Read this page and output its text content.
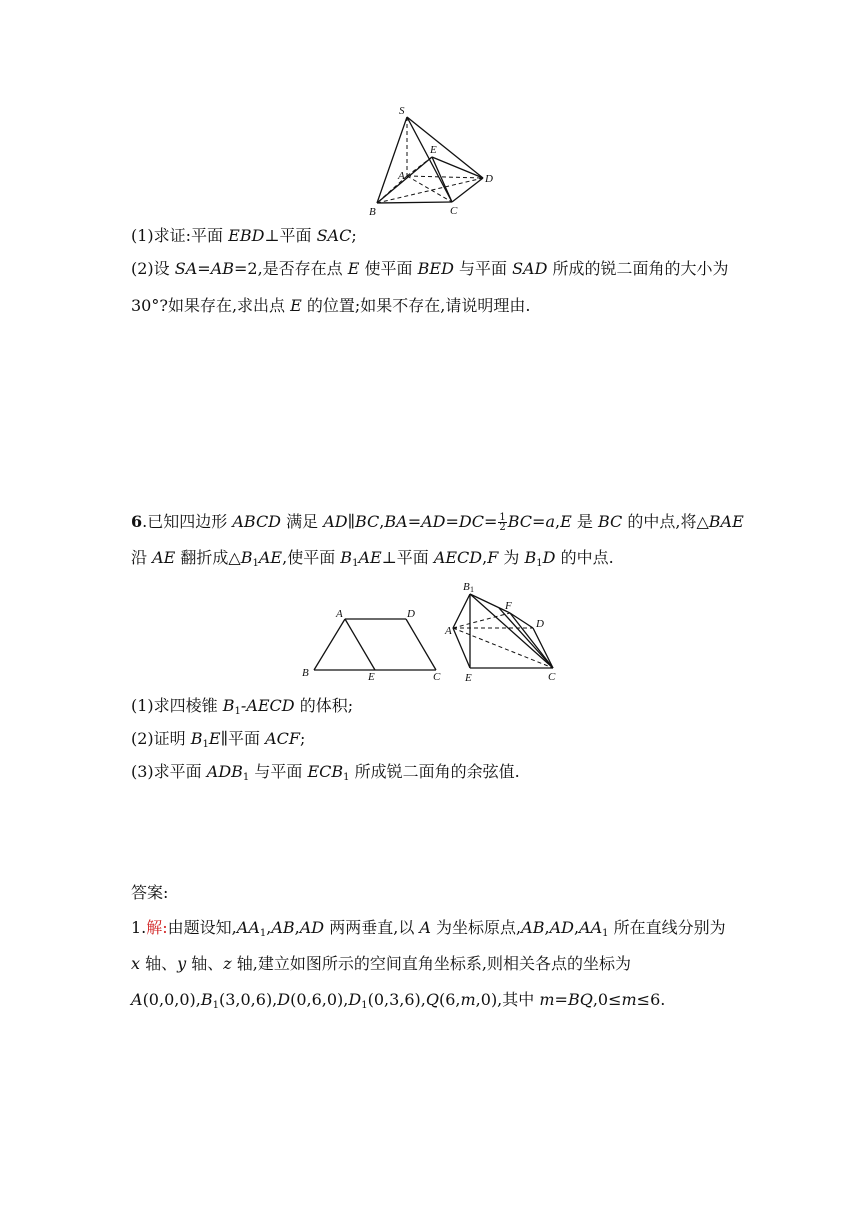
S
E
A	D
B	C
A	D
B	E	C
B 1
F
D
A
E	C
(1)求证:平面 EBD⊥平面 SAC;
(2)设 SA=AB=2,是否存在点 E 使平面 BED 与平面 SAD 所成的锐二面角的大小为
30°?如果存在,求出点 E 的位置;如果不存在,请说明理由.
6.已知四边形 ABCD 满足 AD∥BC,BA=AD=DC= $\frac{1}{2} BC=a,E$ 是 BC 的中点,将△BAE
沿 AE 翻折成$\triangle B_1AE$,使平面 $B_1AE\perp$平面 AECD,F 为 $B_1D$ 的中点.
(1)求四棱锥 $B_1$-AECD 的体积;
(2)证明 $B_1E\parallel$平面 ACF;
(3)求平面 $ADB_1$ 与平面 $ECB_1$ 所成锐二面角的余弦值.
答案:
1.解:由题设知$,AA_1,AB,AD$ 两两垂直,以 A 为坐标原点$,AB,AD,AA_1$ 所在直线分别为
x 轴、y 轴、z 轴,建立如图所示的空间直角坐标系,则相关各点的坐标为
$A(0,0,0),B_1(3,0,6),D(0,6,0),D_1(0,3,6),Q(6,m,0)$,其中 m=BQ,0≤m≤6.
